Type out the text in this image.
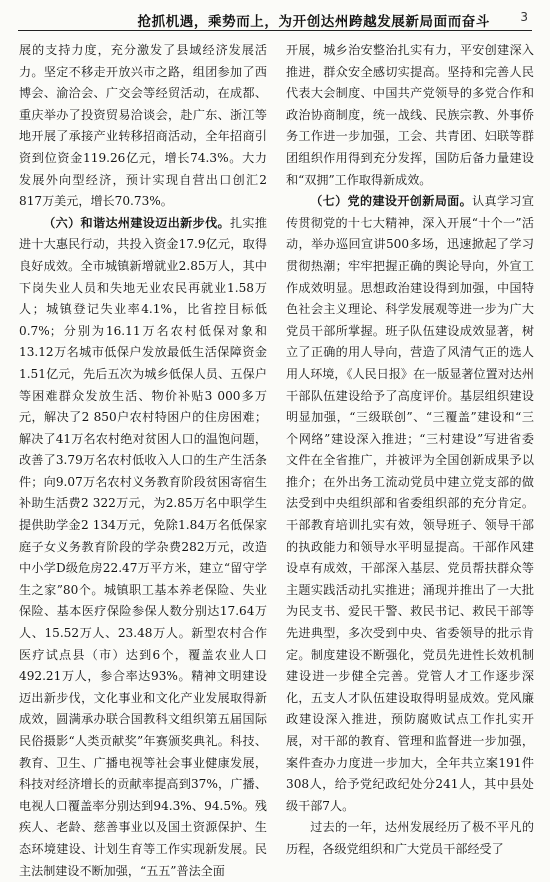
抢抓机遇，乘势而上，为开创达州跨越发展新局面而奋斗	3

展的支持力度，充分激发了县域经济发展活力。坚定不移走开放兴市之路，组团参加了西博会、渝洽会、广交会等经贸活动，在成都、重庆举办了投资贸易洽谈会，赴广东、浙江等地开展了承接产业转移招商活动，全年招商引资到位资金119.26亿元，增长74.3%。大力发展外向型经济，预计实现自营出口创汇2 817万美元，增长70.73%。

（六）和谐达州建设迈出新步伐。扎实推进十大惠民行动，共投入资金17.9亿元，取得良好成效。全市城镇新增就业2.85万人，其中下岗失业人员和失地无业农民再就业1.58万人；城镇登记失业率4.1%，比省控目标低0.7%；分别为16.11万名农村低保对象和13.12万名城市低保户发放最低生活保障资金1.51亿元，先后五次为城乡低保人员、五保户等困难群众发放生活、物价补贴3 000多万元，解决了2 850户农村特困户的住房困难；解决了41万名农村绝对贫困人口的温饱问题，改善了3.79万名农村低收入人口的生产生活条件；向9.07万名农村义务教育阶段贫困寄宿生补助生活费2 322万元，为2.85万名中职学生提供助学金2 134万元，免除1.84万名低保家庭子女义务教育阶段的学杂费282万元，改造中小学D级危房22.47万平方米，建立“留守学生之家”80个。城镇职工基本养老保险、失业保险、基本医疗保险参保人数分别达17.64万人、15.52万人、23.48万人。新型农村合作医疗试点县（市）达到6个，覆盖农业人口492.21万人，参合率达93%。精神文明建设迈出新步伐，文化事业和文化产业发展取得新成效，圆满承办联合国教科文组织第五届国际民俗摄影“人类贡献奖”年赛颁奖典礼。科技、教育、卫生、广播电视等社会事业健康发展，科技对经济增长的贡献率提高到37%，广播、电视人口覆盖率分别达到94.3%、94.5%。残疾人、老龄、慈善事业以及国土资源保护、生态环境建设、计划生育等工作实现新发展。民主法制建设不断加强，“五五”普法全面

开展，城乡治安整治扎实有力，平安创建深入推进，群众安全感切实提高。坚持和完善人民代表大会制度、中国共产党领导的多党合作和政治协商制度，统一战线、民族宗教、外事侨务工作进一步加强，工会、共青团、妇联等群团组织作用得到充分发挥，国防后备力量建设和“双拥”工作取得新成效。

（七）党的建设开创新局面。认真学习宣传贯彻党的十七大精神，深入开展“十个一”活动，举办巡回宣讲500多场，迅速掀起了学习贯彻热潮；牢牢把握正确的舆论导向，外宣工作成效明显。思想政治建设得到加强，中国特色社会主义理论、科学发展观等进一步为广大党员干部所掌握。班子队伍建设成效显著，树立了正确的用人导向，营造了风清气正的选人用人环境，《人民日报》在一版显著位置对达州干部队伍建设给予了高度评价。基层组织建设明显加强，“三级联创”、“三覆盖”建设和“三个网络”建设深入推进；“三村建设”写进省委文件在全省推广，并被评为全国创新成果予以推介；在外出务工流动党员中建立党支部的做法受到中央组织部和省委组织部的充分肯定。干部教育培训扎实有效，领导班子、领导干部的执政能力和领导水平明显提高。干部作风建设卓有成效，干部深入基层、党员帮扶群众等主题实践活动扎实推进；涌现并推出了一大批为民支书、爱民干警、救民书记、救民干部等先进典型，多次受到中央、省委领导的批示肯定。制度建设不断强化，党员先进性长效机制建设进一步健全完善。党管人才工作逐步深化，五支人才队伍建设取得明显成效。党风廉政建设深入推进，预防腐败试点工作扎实开展，对干部的教育、管理和监督进一步加强，案件查办力度进一步加大，全年共立案191件308人，给予党纪政纪处分241人，其中县处级干部7人。

过去的一年，达州发展经历了极不平凡的历程，各级党组织和广大党员干部经受了
